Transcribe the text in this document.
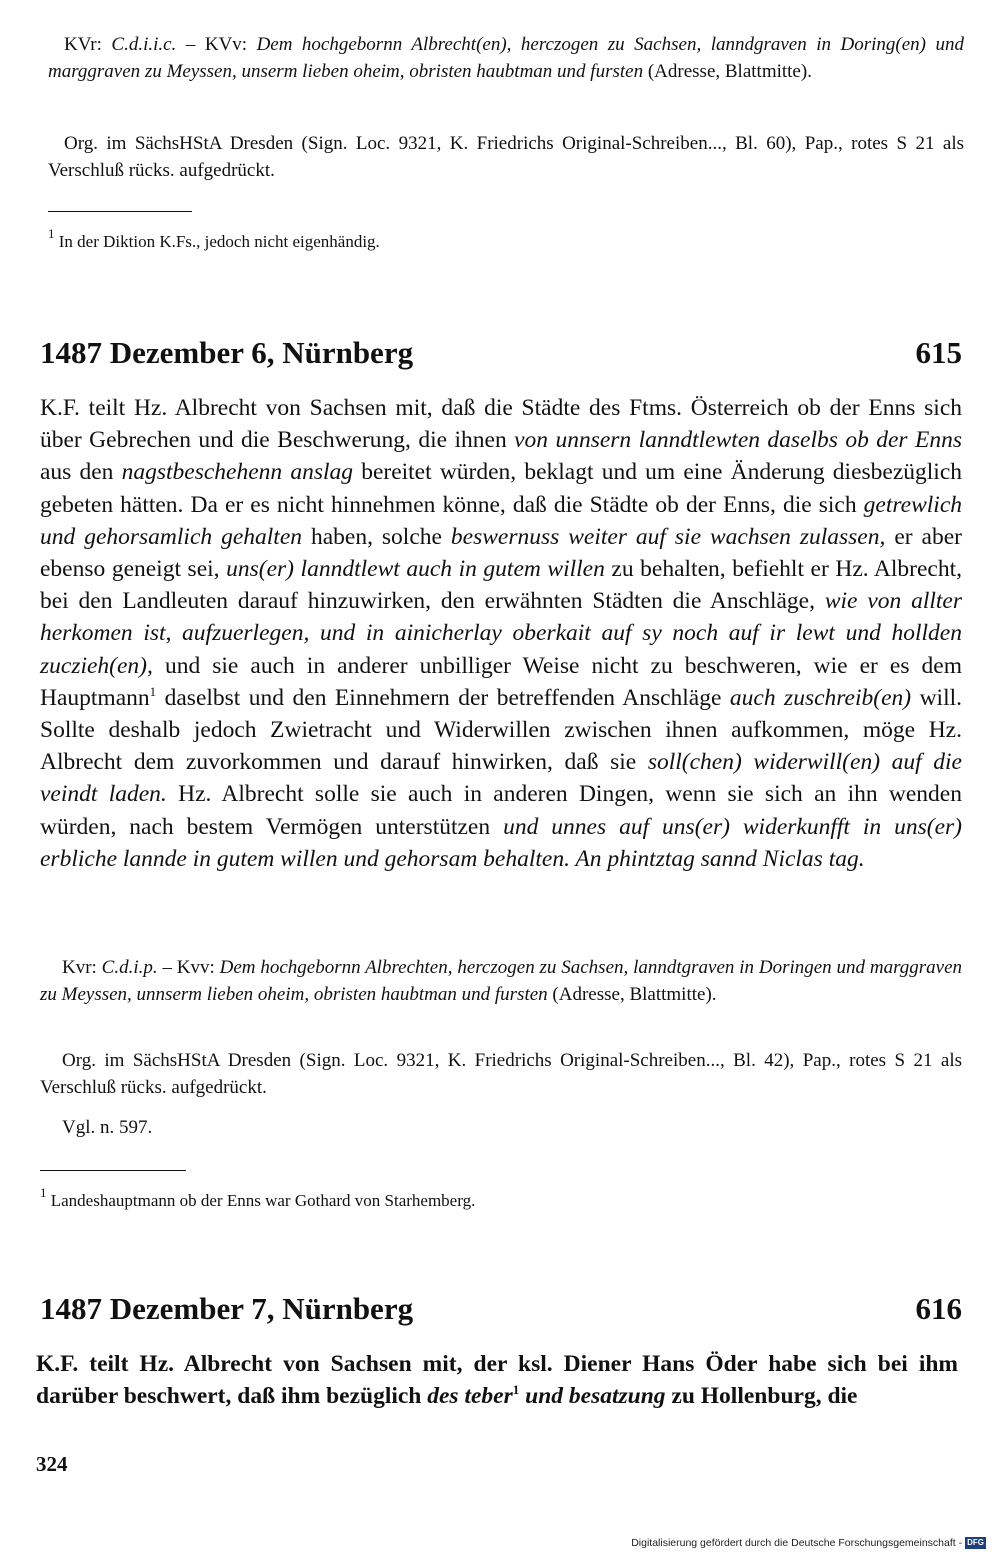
KVr: C.d.i.i.c. – KVv: Dem hochgebornn Albrecht(en), herczogen zu Sachsen, lanndgraven in Doring(en) und marggraven zu Meyssen, unserm lieben oheim, obristen haubtman und fursten (Adresse, Blattmitte).
Org. im SächsHStA Dresden (Sign. Loc. 9321, K. Friedrichs Original-Schreiben..., Bl. 60), Pap., rotes S 21 als Verschluß rücks. aufgedrückt.
$^1$ In der Diktion K.Fs., jedoch nicht eigenhändig.
1487 Dezember 6, Nürnberg	615
K.F. teilt Hz. Albrecht von Sachsen mit, daß die Städte des Ftms. Österreich ob der Enns sich über Gebrechen und die Beschwerung, die ihnen von unnsern lanndtlewten daselbs ob der Enns aus den nagstbeschehenn anslag bereitet würden, beklagt und um eine Änderung diesbezüglich gebeten hätten. Da er es nicht hinnehmen könne, daß die Städte ob der Enns, die sich getrewlich und gehorsamlich gehalten haben, solche beswernuss weiter auf sie wachsen zulassen, er aber ebenso geneigt sei, uns(er) lanndtlewt auch in gutem willen zu behalten, befiehlt er Hz. Albrecht, bei den Landleuten darauf hinzuwirken, den erwähnten Städten die Anschläge, wie von allter herkomen ist, aufzuerlegen, und in ainicherlay oberkait auf sy noch auf ir lewt und hollden zuczieh(en), und sie auch in anderer unbilliger Weise nicht zu beschweren, wie er es dem Hauptmann$^1$ daselbst und den Einnehmern der betreffenden Anschläge auch zuschreib(en) will. Sollte deshalb jedoch Zwietracht und Widerwillen zwischen ihnen aufkommen, möge Hz. Albrecht dem zuvorkommen und darauf hinwirken, daß sie soll(chen) widerwill(en) auf die veindt laden. Hz. Albrecht solle sie auch in anderen Dingen, wenn sie sich an ihn wenden würden, nach bestem Vermögen unterstützen und unnes auf uns(er) widerkunfft in uns(er) erbliche lannde in gutem willen und gehorsam behalten. An phintztag sannd Niclas tag.
Kvr: C.d.i.p. – Kvv: Dem hochgebornn Albrechten, herczogen zu Sachsen, lanndtgraven in Doringen und marggraven zu Meyssen, unnserm lieben oheim, obristen haubtman und fursten (Adresse, Blattmitte).
Org. im SächsHStA Dresden (Sign. Loc. 9321, K. Friedrichs Original-Schreiben..., Bl. 42), Pap., rotes S 21 als Verschluß rücks. aufgedrückt.
Vgl. n. 597.
$^1$ Landeshauptmann ob der Enns war Gothard von Starhemberg.
1487 Dezember 7, Nürnberg	616
K.F. teilt Hz. Albrecht von Sachsen mit, der ksl. Diener Hans Öder habe sich bei ihm darüber beschwert, daß ihm bezüglich des teber$^1$ und besatzung zu Hollenburg, die
324
Digitalisierung gefördert durch die Deutsche Forschungsgemeinschaft - DFG
